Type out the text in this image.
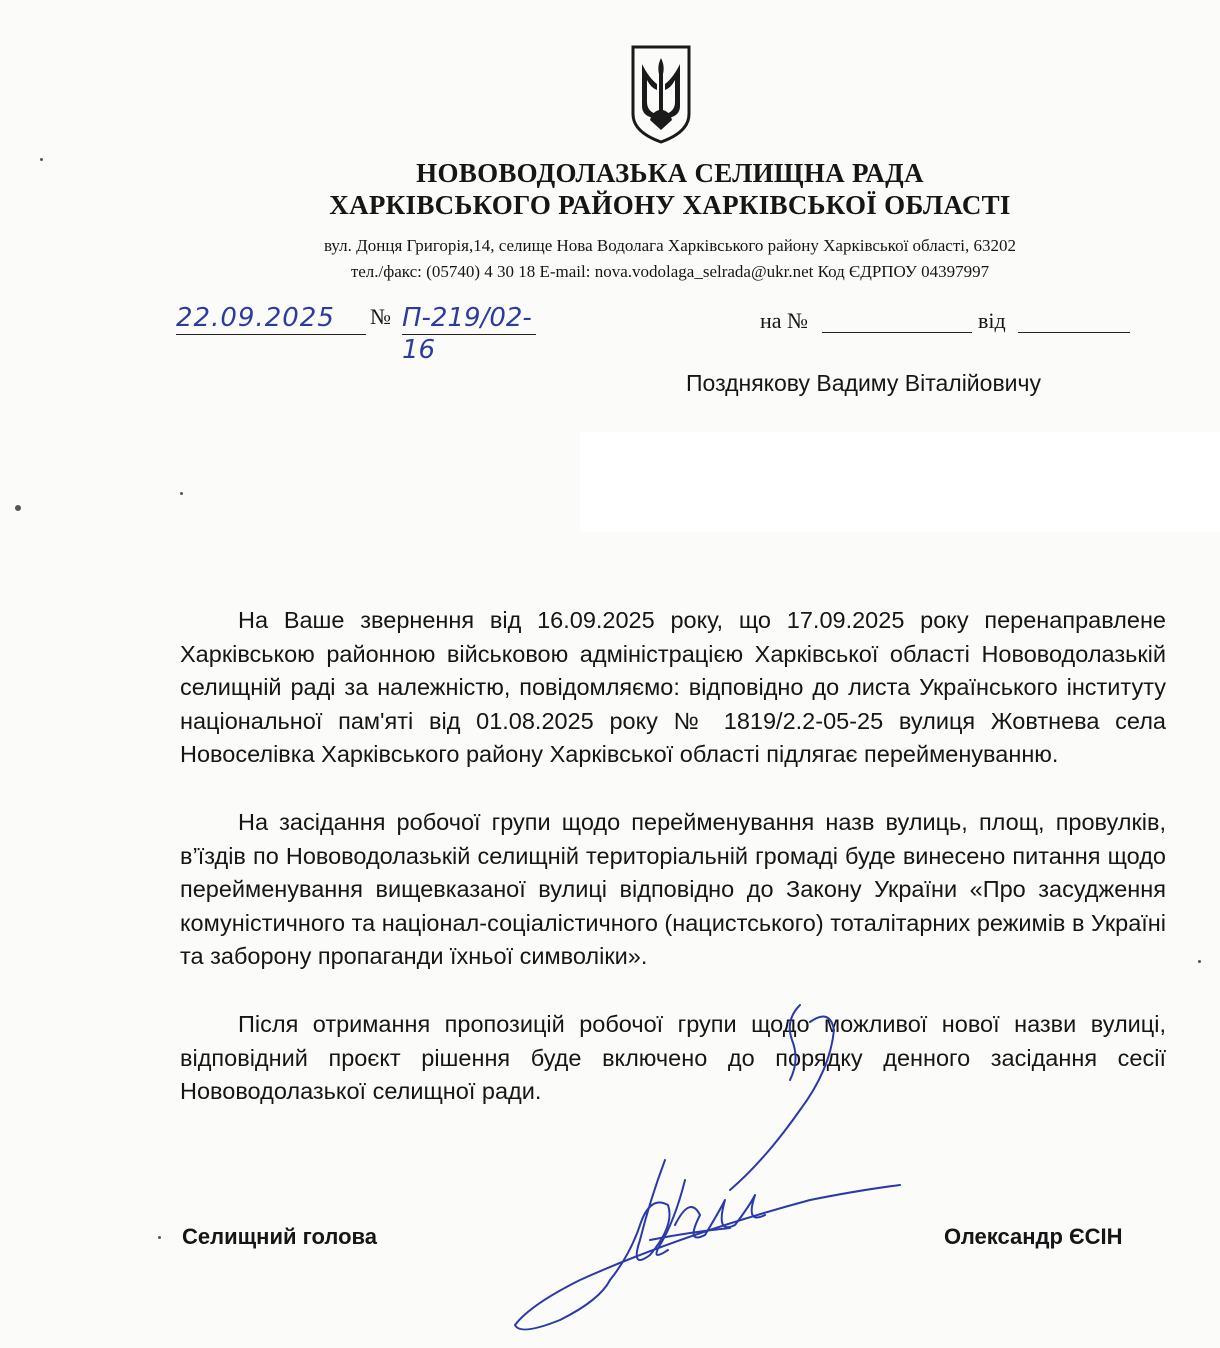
НОВОВОДОЛАЗЬКА СЕЛИЩНА РАДА
ХАРКІВСЬКОГО РАЙОНУ ХАРКІВСЬКОЇ ОБЛАСТІ
вул. Донця Григорія,14, селище Нова Водолага Харківського району Харківської області, 63202
тел./факс: (05740) 4 30 18 E-mail: nova.vodolaga_selrada@ukr.net Код ЄДРПОУ 04397997
22.09.2025	№ П-219/02-16
на №	від
Позднякову Вадиму Віталійовичу

На Ваше звернення від 16.09.2025 року, що 17.09.2025 року перенаправлене Харківською районною військовою адміністрацією Харківської області Нововодолазькій селищній раді за належністю, повідомляємо: відповідно до листа Українського інституту національної пам'яті від 01.08.2025 року № 1819/2.2-05-25 вулиця Жовтнева села Новоселівка Харківського району Харківської області підлягає перейменуванню.

На засідання робочої групи щодо перейменування назв вулиць, площ, провулків, в’їздів по Нововодолазькій селищній територіальній громаді буде винесено питання щодо перейменування вищевказаної вулиці відповідно до Закону України «Про засудження комуністичного та націонал-соціалістичного (нацистського) тоталітарних режимів в Україні та заборону пропаганди їхньої символіки».

Після отримання пропозицій робочої групи щодо можливої нової назви вулиці, відповідний проєкт рішення буде включено до порядку денного засідання сесії Нововодолазької селищної ради.

Селищний голова	Олександр ЄСІН
